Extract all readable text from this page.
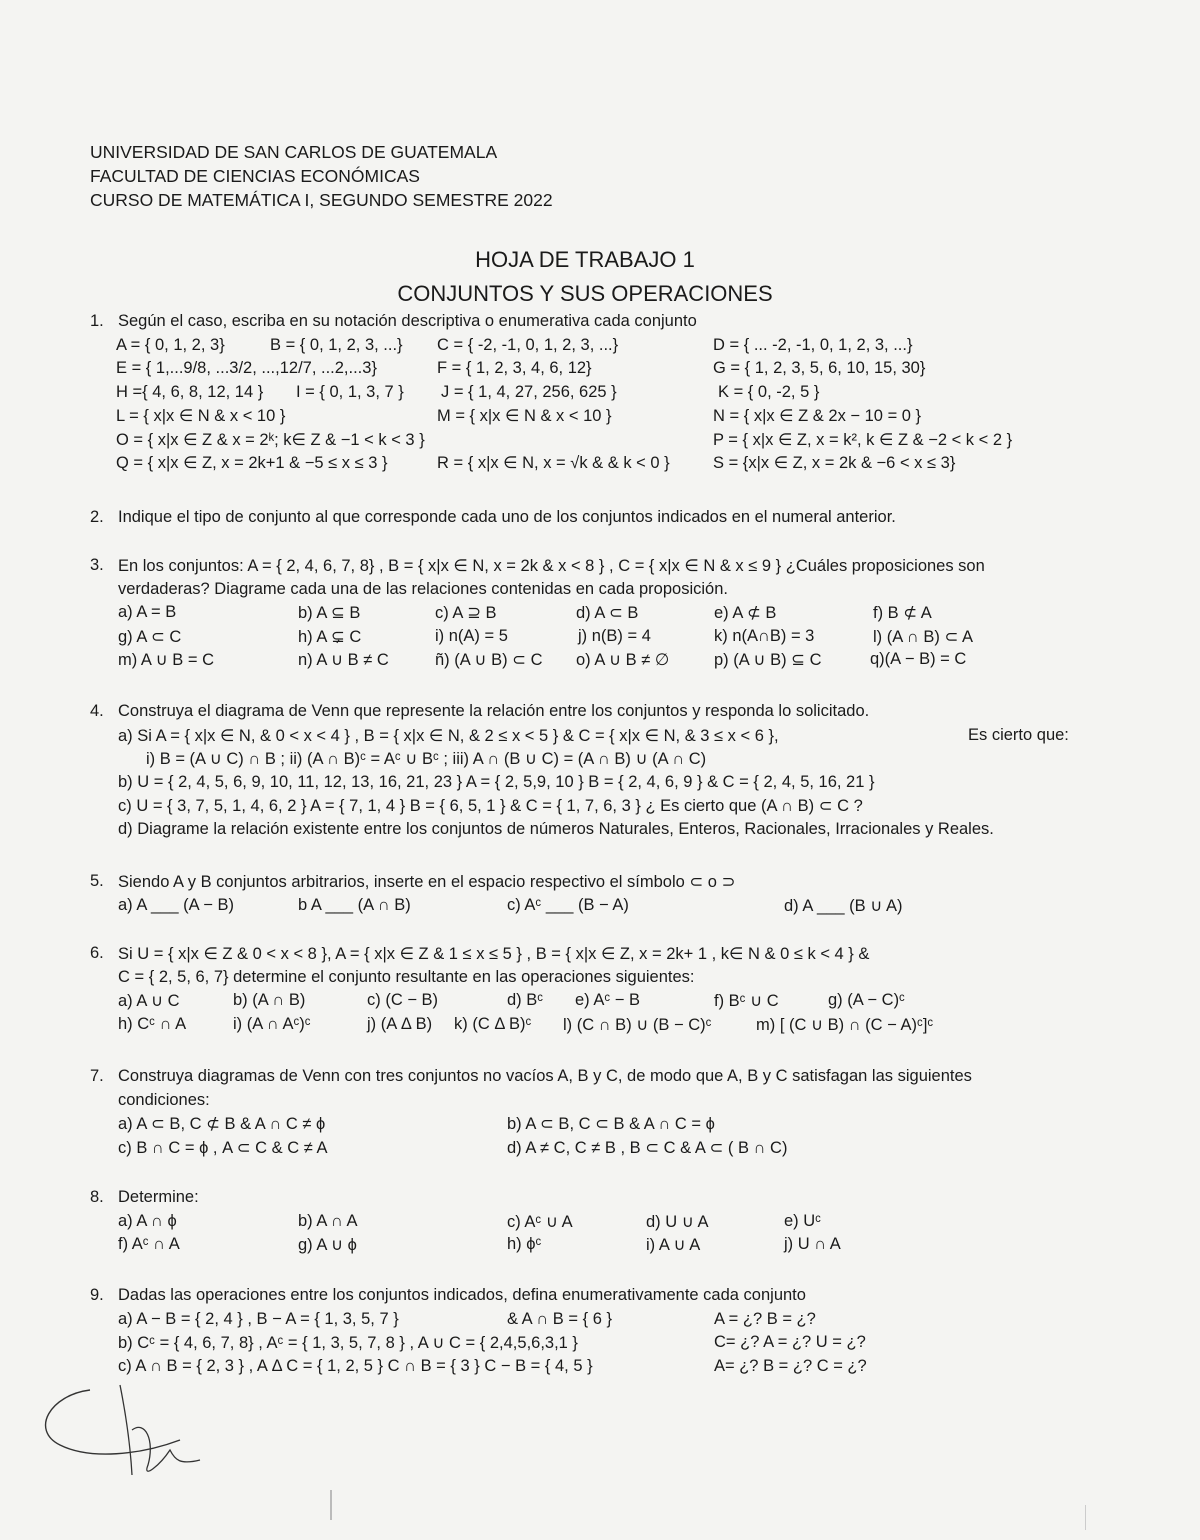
UNIVERSIDAD DE SAN CARLOS DE GUATEMALA
FACULTAD DE CIENCIAS ECONÓMICAS
CURSO DE MATEMÁTICA I, SEGUNDO SEMESTRE 2022
HOJA DE TRABAJO 1
CONJUNTOS Y SUS OPERACIONES
1. Según el caso, escriba en su notación descriptiva o enumerativa cada conjunto
A = { 0, 1, 2, 3}	B = { 0, 1, 2, 3, ...} C = { -2, -1, 0, 1, 2, 3, ...}	D = { ... -2, -1, 0, 1, 2, 3, ...}
E = { 1,...9/8, ...3/2, ...,12/7, ...2,...3}	F = { 1, 2, 3, 4, 6, 12}	G = { 1, 2, 3, 5, 6, 10, 15, 30}
H ={ 4, 6, 8, 12, 14 } I = { 0, 1, 3, 7 } J = { 1, 4, 27, 256, 625 }	K = { 0, -2, 5 }
L = { x|x ∈ N & x < 10 }	M = { x|x ∈ N & x < 10 }	N = { x|x ∈ Z & 2x − 10 = 0 }
O = { x|x ∈ Z & x = 2ᵏ; k∈ Z & −1 < k < 3 }	P = { x|x ∈ Z, x = k², k ∈ Z & −2 < k < 2 }
Q = { x|x ∈ Z, x = 2k+1 & −5 ≤ x ≤ 3 }	R = { x|x ∈ N, x = √k & & k < 0 }	S = {x|x ∈ Z, x = 2k & −6 < x ≤ 3}
2. Indique el tipo de conjunto al que corresponde cada uno de los conjuntos indicados en el numeral anterior.
3. En los conjuntos: A = { 2, 4, 6, 7, 8} , B = { x|x ∈ N, x = 2k & x < 8 } , C = { x|x ∈ N & x ≤ 9 } ¿Cuáles proposiciones son
verdaderas? Diagrame cada una de las relaciones contenidas en cada proposición.
a) A = B	b) A ⊆ B	c) A ⊇ B	d) A ⊂ B	e) A ⊄ B	f) B ⊄ A
g) A ⊂ C	h) A ⊊ C	i) n(A) = 5	j) n(B) = 4	k) n(A∩B) = 3	l) (A ∩ B) ⊂ A
m) A ∪ B = C	n) A ∪ B ≠ C	ñ) (A ∪ B) ⊂ C o) A ∪ B ≠ ∅	p) (A ∪ B) ⊆ C	q)(A − B) = C
4. Construya el diagrama de Venn que represente la relación entre los conjuntos y responda lo solicitado.
a) Si A = { x|x ∈ N, & 0 < x < 4 } , B = { x|x ∈ N, & 2 ≤ x < 5 } & C = { x|x ∈ N, & 3 ≤ x < 6 },	Es cierto que:
i) B = (A ∪ C) ∩ B ; ii) (A ∩ B)ᶜ = Aᶜ ∪ Bᶜ ; iii) A ∩ (B ∪ C) = (A ∩ B) ∪ (A ∩ C)
b) U = { 2, 4, 5, 6, 9, 10, 11, 12, 13, 16, 21, 23 } A = { 2, 5,9, 10 } B = { 2, 4, 6, 9 } & C = { 2, 4, 5, 16, 21 }
c) U = { 3, 7, 5, 1, 4, 6, 2 } A = { 7, 1, 4 } B = { 6, 5, 1 } & C = { 1, 7, 6, 3 } ¿ Es cierto que (A ∩ B) ⊂ C ?
d) Diagrame la relación existente entre los conjuntos de números Naturales, Enteros, Racionales, Irracionales y Reales.
5. Siendo A y B conjuntos arbitrarios, inserte en el espacio respectivo el símbolo ⊂ o ⊃
a) A ___ (A − B)	b A ___ (A ∩ B)	c) Aᶜ ___ (B − A)	d) A ___ (B ∪ A)
6. Si U = { x|x ∈ Z & 0 < x < 8 }, A = { x|x ∈ Z & 1 ≤ x ≤ 5 } , B = { x|x ∈ Z, x = 2k+ 1 , k∈ N & 0 ≤ k < 4 } &
C = { 2, 5, 6, 7} determine el conjunto resultante en las operaciones siguientes:
a) A ∪ C	b) (A ∩ B)	c) (C − B)	d) Bᶜ e) Aᶜ − B	f) Bᶜ ∪ C	g) (A − C)ᶜ
h) Cᶜ ∩ A	i) (A ∩ Aᶜ)ᶜ	j) (A Δ B) k) (C Δ B)ᶜ l) (C ∩ B) ∪ (B − C)ᶜ	m) [ (C ∪ B) ∩ (C − A)ᶜ]ᶜ
7. Construya diagramas de Venn con tres conjuntos no vacíos A, B y C, de modo que A, B y C satisfagan las siguientes
condiciones:
a) A ⊂ B, C ⊄ B & A ∩ C ≠ ϕ	b) A ⊂ B, C ⊂ B & A ∩ C = ϕ
c) B ∩ C = ϕ , A ⊂ C & C ≠ A	d) A ≠ C, C ≠ B , B ⊂ C & A ⊂ ( B ∩ C)
8. Determine:
a) A ∩ ϕ	b) A ∩ A	c) Aᶜ ∪ A	d) U ∪ A	e) Uᶜ
f) Aᶜ ∩ A	g) A ∪ ϕ	h) ϕᶜ	i) A ∪ A	j) U ∩ A
9. Dadas las operaciones entre los conjuntos indicados, defina enumerativamente cada conjunto
a) A − B = { 2, 4 } , B − A = { 1, 3, 5, 7 }	& A ∩ B = { 6 }	A = ¿? B = ¿?
b) Cᶜ = { 4, 6, 7, 8} , Aᶜ = { 1, 3, 5, 7, 8 } , A ∪ C = { 2,4,5,6,3,1 }	C= ¿? A = ¿? U = ¿?
c) A ∩ B = { 2, 3 } , A Δ C = { 1, 2, 5 } C ∩ B = { 3 } C − B = { 4, 5 }	A= ¿? B = ¿? C = ¿?
